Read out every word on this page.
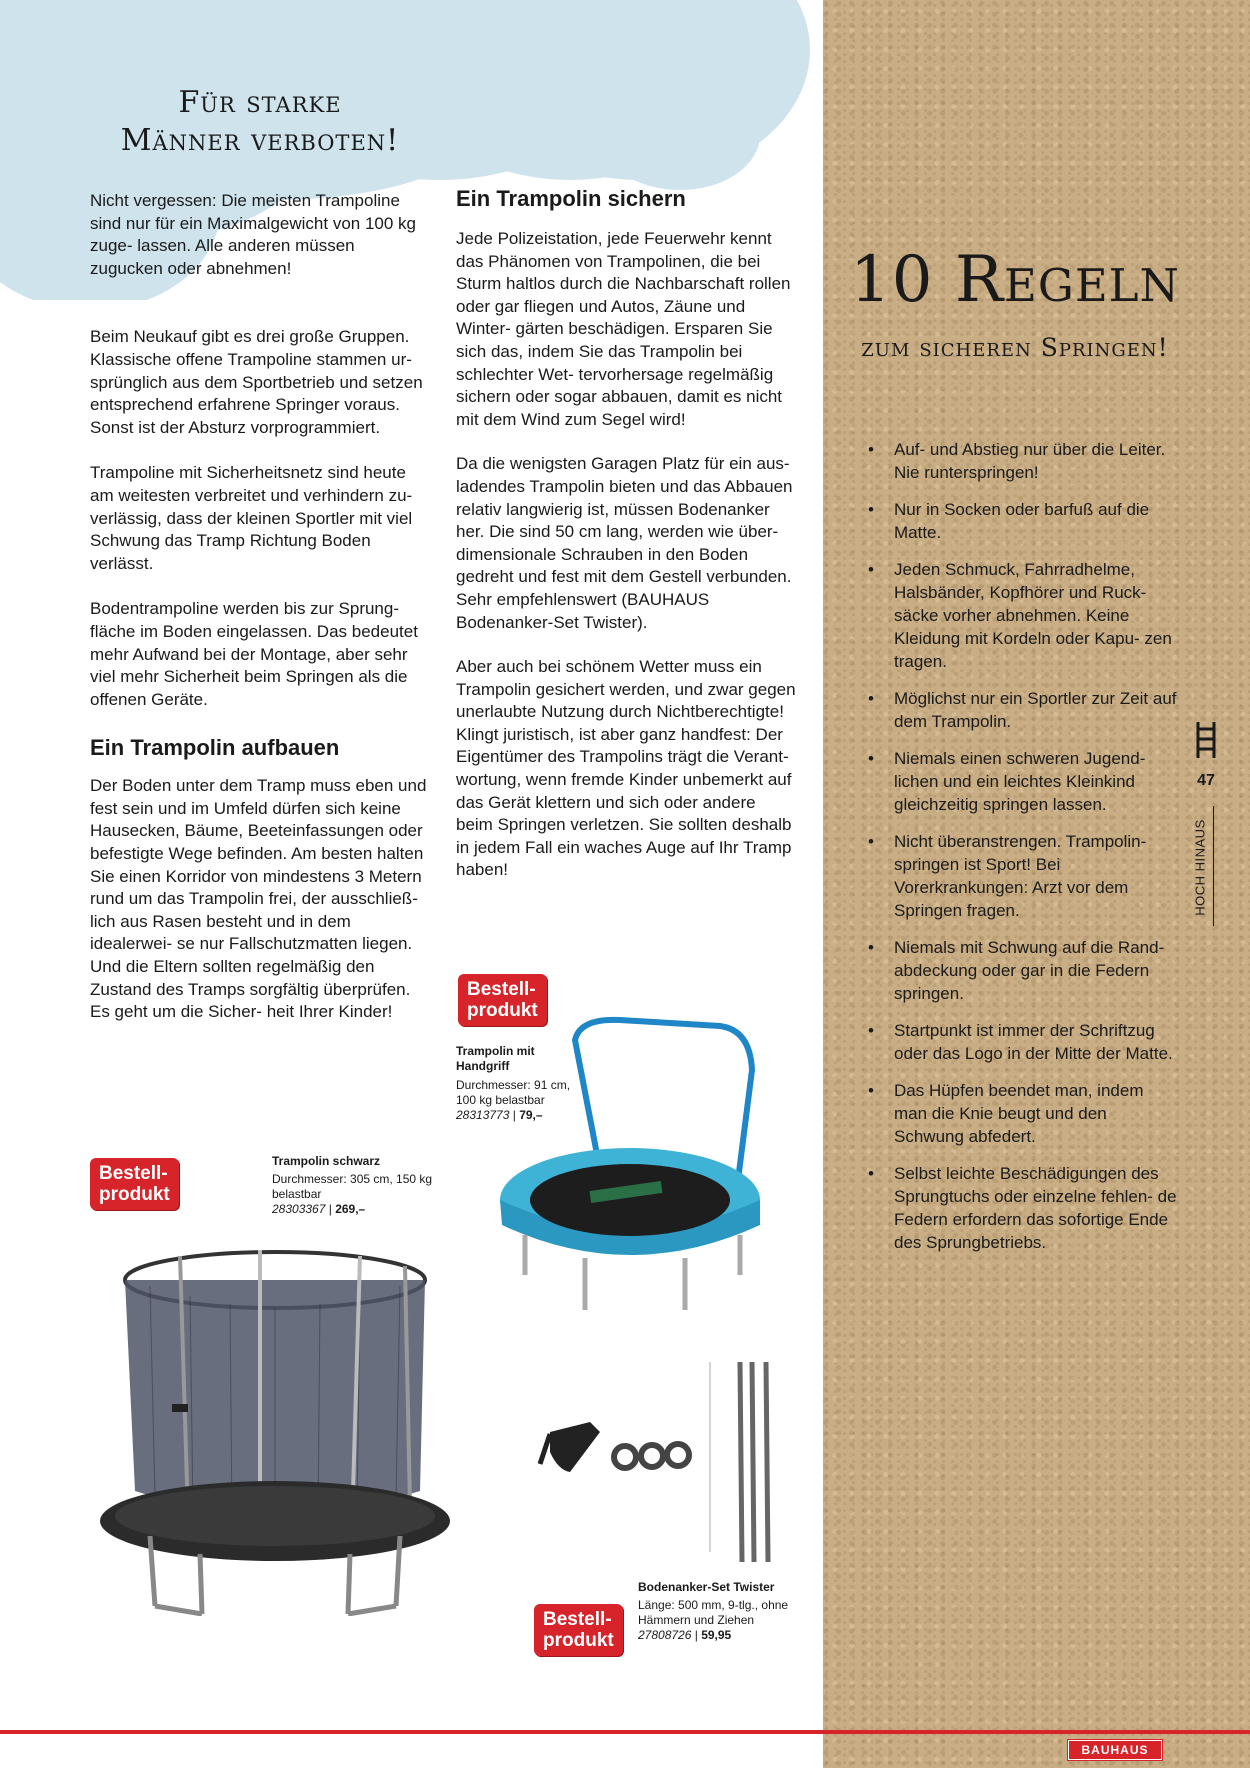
Für starke
Männer verboten!

Nicht vergessen: Die meisten Trampoline sind nur für ein Maximalgewicht von 100 kg zuge- lassen. Alle anderen müssen zugucken oder abnehmen!

Beim Neukauf gibt es drei große Gruppen. Klassische offene Trampoline stammen ur- sprünglich aus dem Sportbetrieb und setzen entsprechend erfahrene Springer voraus. Sonst ist der Absturz vorprogrammiert.

Trampoline mit Sicherheitsnetz sind heute am weitesten verbreitet und verhindern zu- verlässig, dass der kleinen Sportler mit viel Schwung das Tramp Richtung Boden verlässt.

Bodentrampoline werden bis zur Sprung- fläche im Boden eingelassen. Das bedeutet mehr Aufwand bei der Montage, aber sehr viel mehr Sicherheit beim Springen als die offenen Geräte.

Ein Trampolin aufbauen

Der Boden unter dem Tramp muss eben und fest sein und im Umfeld dürfen sich keine Hausecken, Bäume, Beeteinfassungen oder befestigte Wege befinden. Am besten halten Sie einen Korridor von mindestens 3 Metern rund um das Trampolin frei, der ausschließ- lich aus Rasen besteht und in dem idealerwei- se nur Fallschutzmatten liegen. Und die Eltern sollten regelmäßig den Zustand des Tramps sorgfältig überprüfen. Es geht um die Sicher- heit Ihrer Kinder!

Ein Trampolin sichern

Jede Polizeistation, jede Feuerwehr kennt das Phänomen von Trampolinen, die bei Sturm haltlos durch die Nachbarschaft rollen oder gar fliegen und Autos, Zäune und Winter- gärten beschädigen. Ersparen Sie sich das, indem Sie das Trampolin bei schlechter Wet- tervorhersage regelmäßig sichern oder sogar abbauen, damit es nicht mit dem Wind zum Segel wird!

Da die wenigsten Garagen Platz für ein aus- ladendes Trampolin bieten und das Abbauen relativ langwierig ist, müssen Bodenanker her. Die sind 50 cm lang, werden wie über- dimensionale Schrauben in den Boden gedreht und fest mit dem Gestell verbunden. Sehr empfehlenswert (BAUHAUS Bodenanker-Set Twister).

Aber auch bei schönem Wetter muss ein Trampolin gesichert werden, und zwar gegen unerlaubte Nutzung durch Nichtberechtigte! Klingt juristisch, ist aber ganz handfest: Der Eigentümer des Trampolins trägt die Verant- wortung, wenn fremde Kinder unbemerkt auf das Gerät klettern und sich oder andere beim Springen verletzen. Sie sollten deshalb in jedem Fall ein waches Auge auf Ihr Tramp haben!

10 Regeln
zum sicheren Springen!
• Auf- und Abstieg nur über die Leiter. Nie runterspringen!
• Nur in Socken oder barfuß auf die Matte.
• Jeden Schmuck, Fahrradhelme, Halsbänder, Kopfhörer und Ruck- säcke vorher abnehmen. Keine Kleidung mit Kordeln oder Kapu- zen tragen.
• Möglichst nur ein Sportler zur Zeit auf dem Trampolin.
• Niemals einen schweren Jugend- lichen und ein leichtes Kleinkind gleichzeitig springen lassen.
• Nicht überanstrengen. Trampolin- springen ist Sport! Bei Vorerkrankungen: Arzt vor dem Springen fragen.
• Niemals mit Schwung auf die Rand- abdeckung oder gar in die Federn springen.
• Startpunkt ist immer der Schriftzug oder das Logo in der Mitte der Matte.
• Das Hüpfen beendet man, indem man die Knie beugt und den Schwung abfedert.
• Selbst leichte Beschädigungen des Sprungtuchs oder einzelne fehlen- de Federn erfordern das sofortige Ende des Sprungbetriebs.
47
HOCH HINAUS
Bestell-
produkt

Trampolin schwarz

Durchmesser: 305 cm, 150 kg belastbar

28303367 | 269,–

Bestell-
produkt

Trampolin mit Handgriff

Durchmesser: 91 cm, 100 kg belastbar

28313773 | 79,–

Bestell-
produkt

Bodenanker-Set Twister

Länge: 500 mm, 9-tlg., ohne Hämmern und Ziehen

27808726 | 59,95

BAUHAUS
